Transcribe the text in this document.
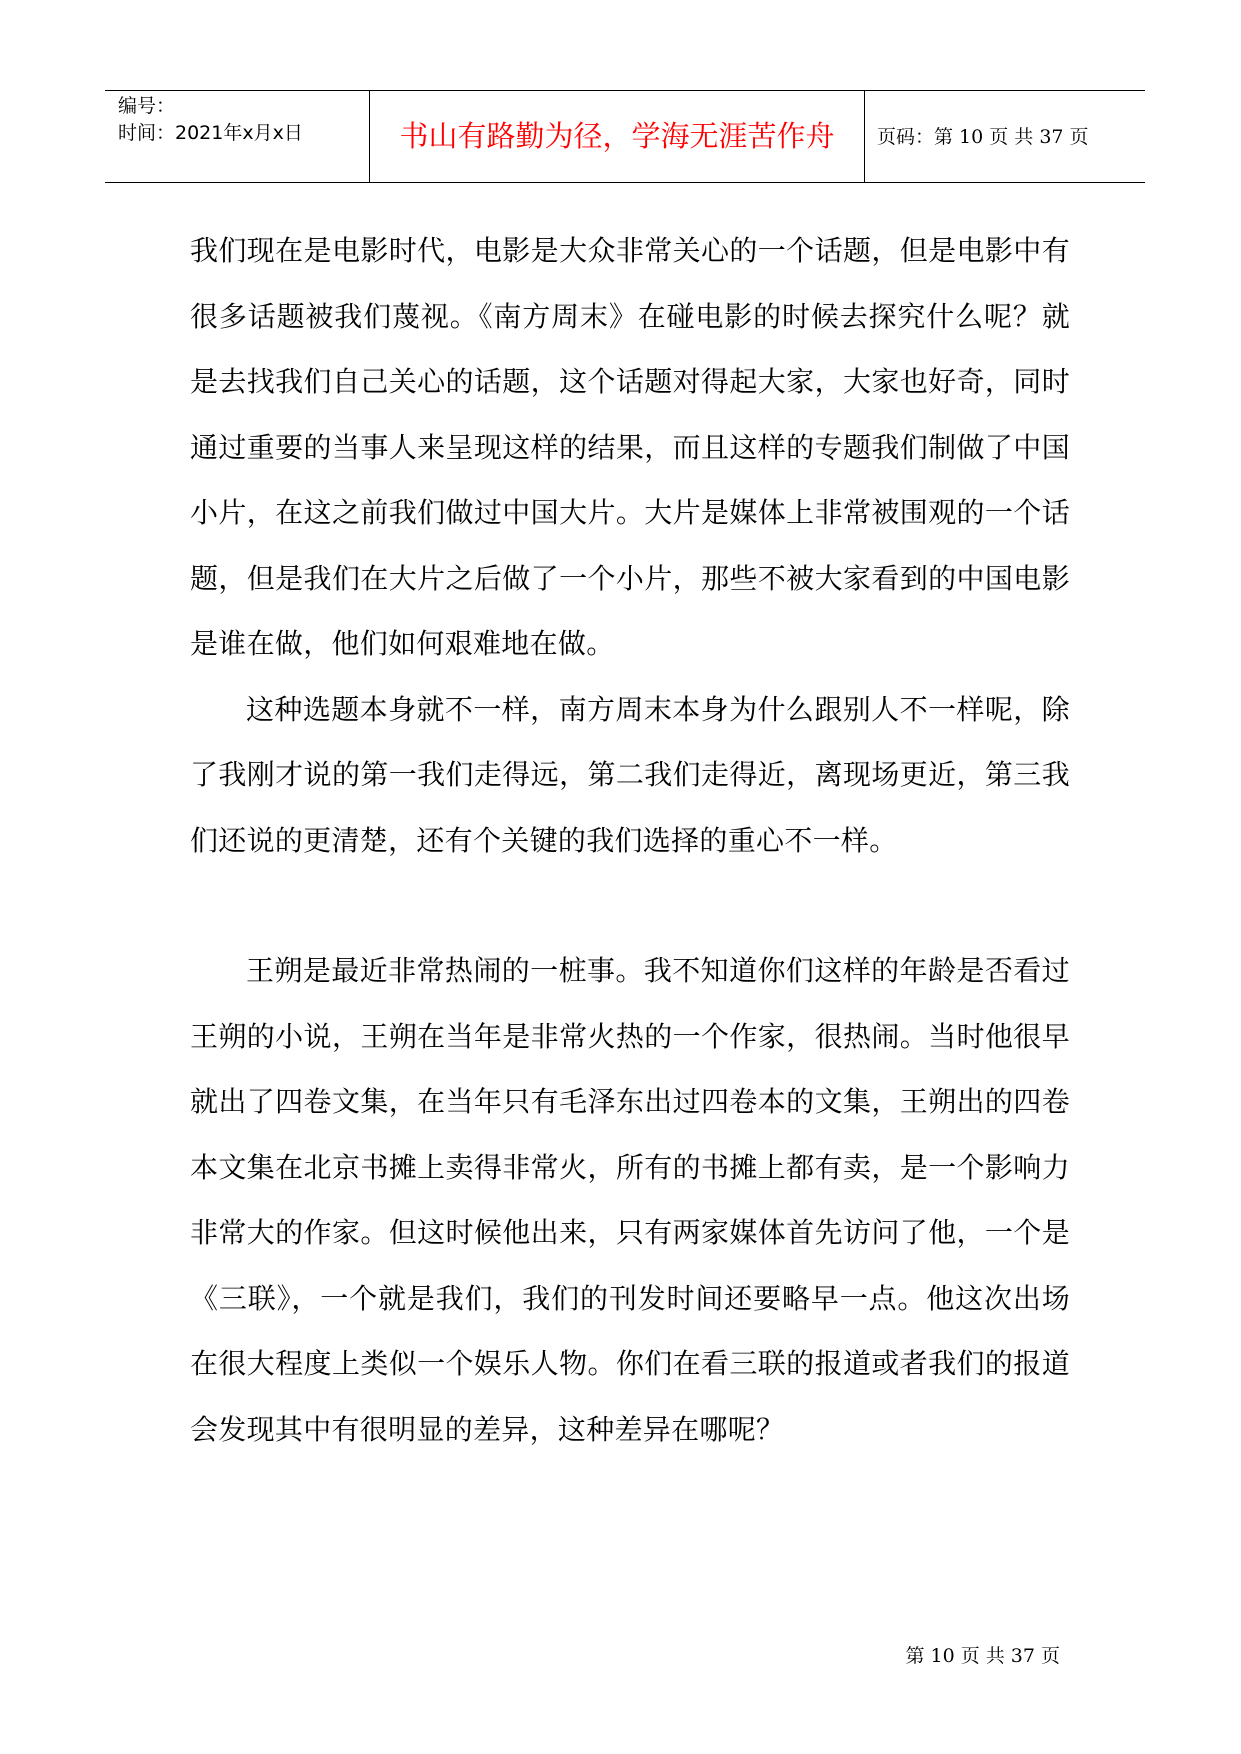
编号：
时间：2021年x月x日	书山有路勤为径，学海无涯苦作舟	页码：第 10 页 共 37 页

我们现在是电影时代，电影是大众非常关心的一个话题，但是电影中有很多话题被我们蔑视。《南方周末》在碰电影的时候去探究什么呢？就是去找我们自己关心的话题，这个话题对得起大家，大家也好奇，同时通过重要的当事人来呈现这样的结果，而且这样的专题我们制做了中国小片，在这之前我们做过中国大片。大片是媒体上非常被围观的一个话题，但是我们在大片之后做了一个小片，那些不被大家看到的中国电影是谁在做，他们如何艰难地在做。

这种选题本身就不一样，南方周末本身为什么跟别人不一样呢，除了我刚才说的第一我们走得远，第二我们走得近，离现场更近，第三我们还说的更清楚，还有个关键的我们选择的重心不一样。

王朔是最近非常热闹的一桩事。我不知道你们这样的年龄是否看过王朔的小说，王朔在当年是非常火热的一个作家，很热闹。当时他很早就出了四卷文集，在当年只有毛泽东出过四卷本的文集，王朔出的四卷本文集在北京书摊上卖得非常火，所有的书摊上都有卖，是一个影响力非常大的作家。但这时候他出来，只有两家媒体首先访问了他，一个是《三联》，一个就是我们，我们的刊发时间还要略早一点。他这次出场在很大程度上类似一个娱乐人物。你们在看三联的报道或者我们的报道会发现其中有很明显的差异，这种差异在哪呢？

第 10 页 共 37 页
